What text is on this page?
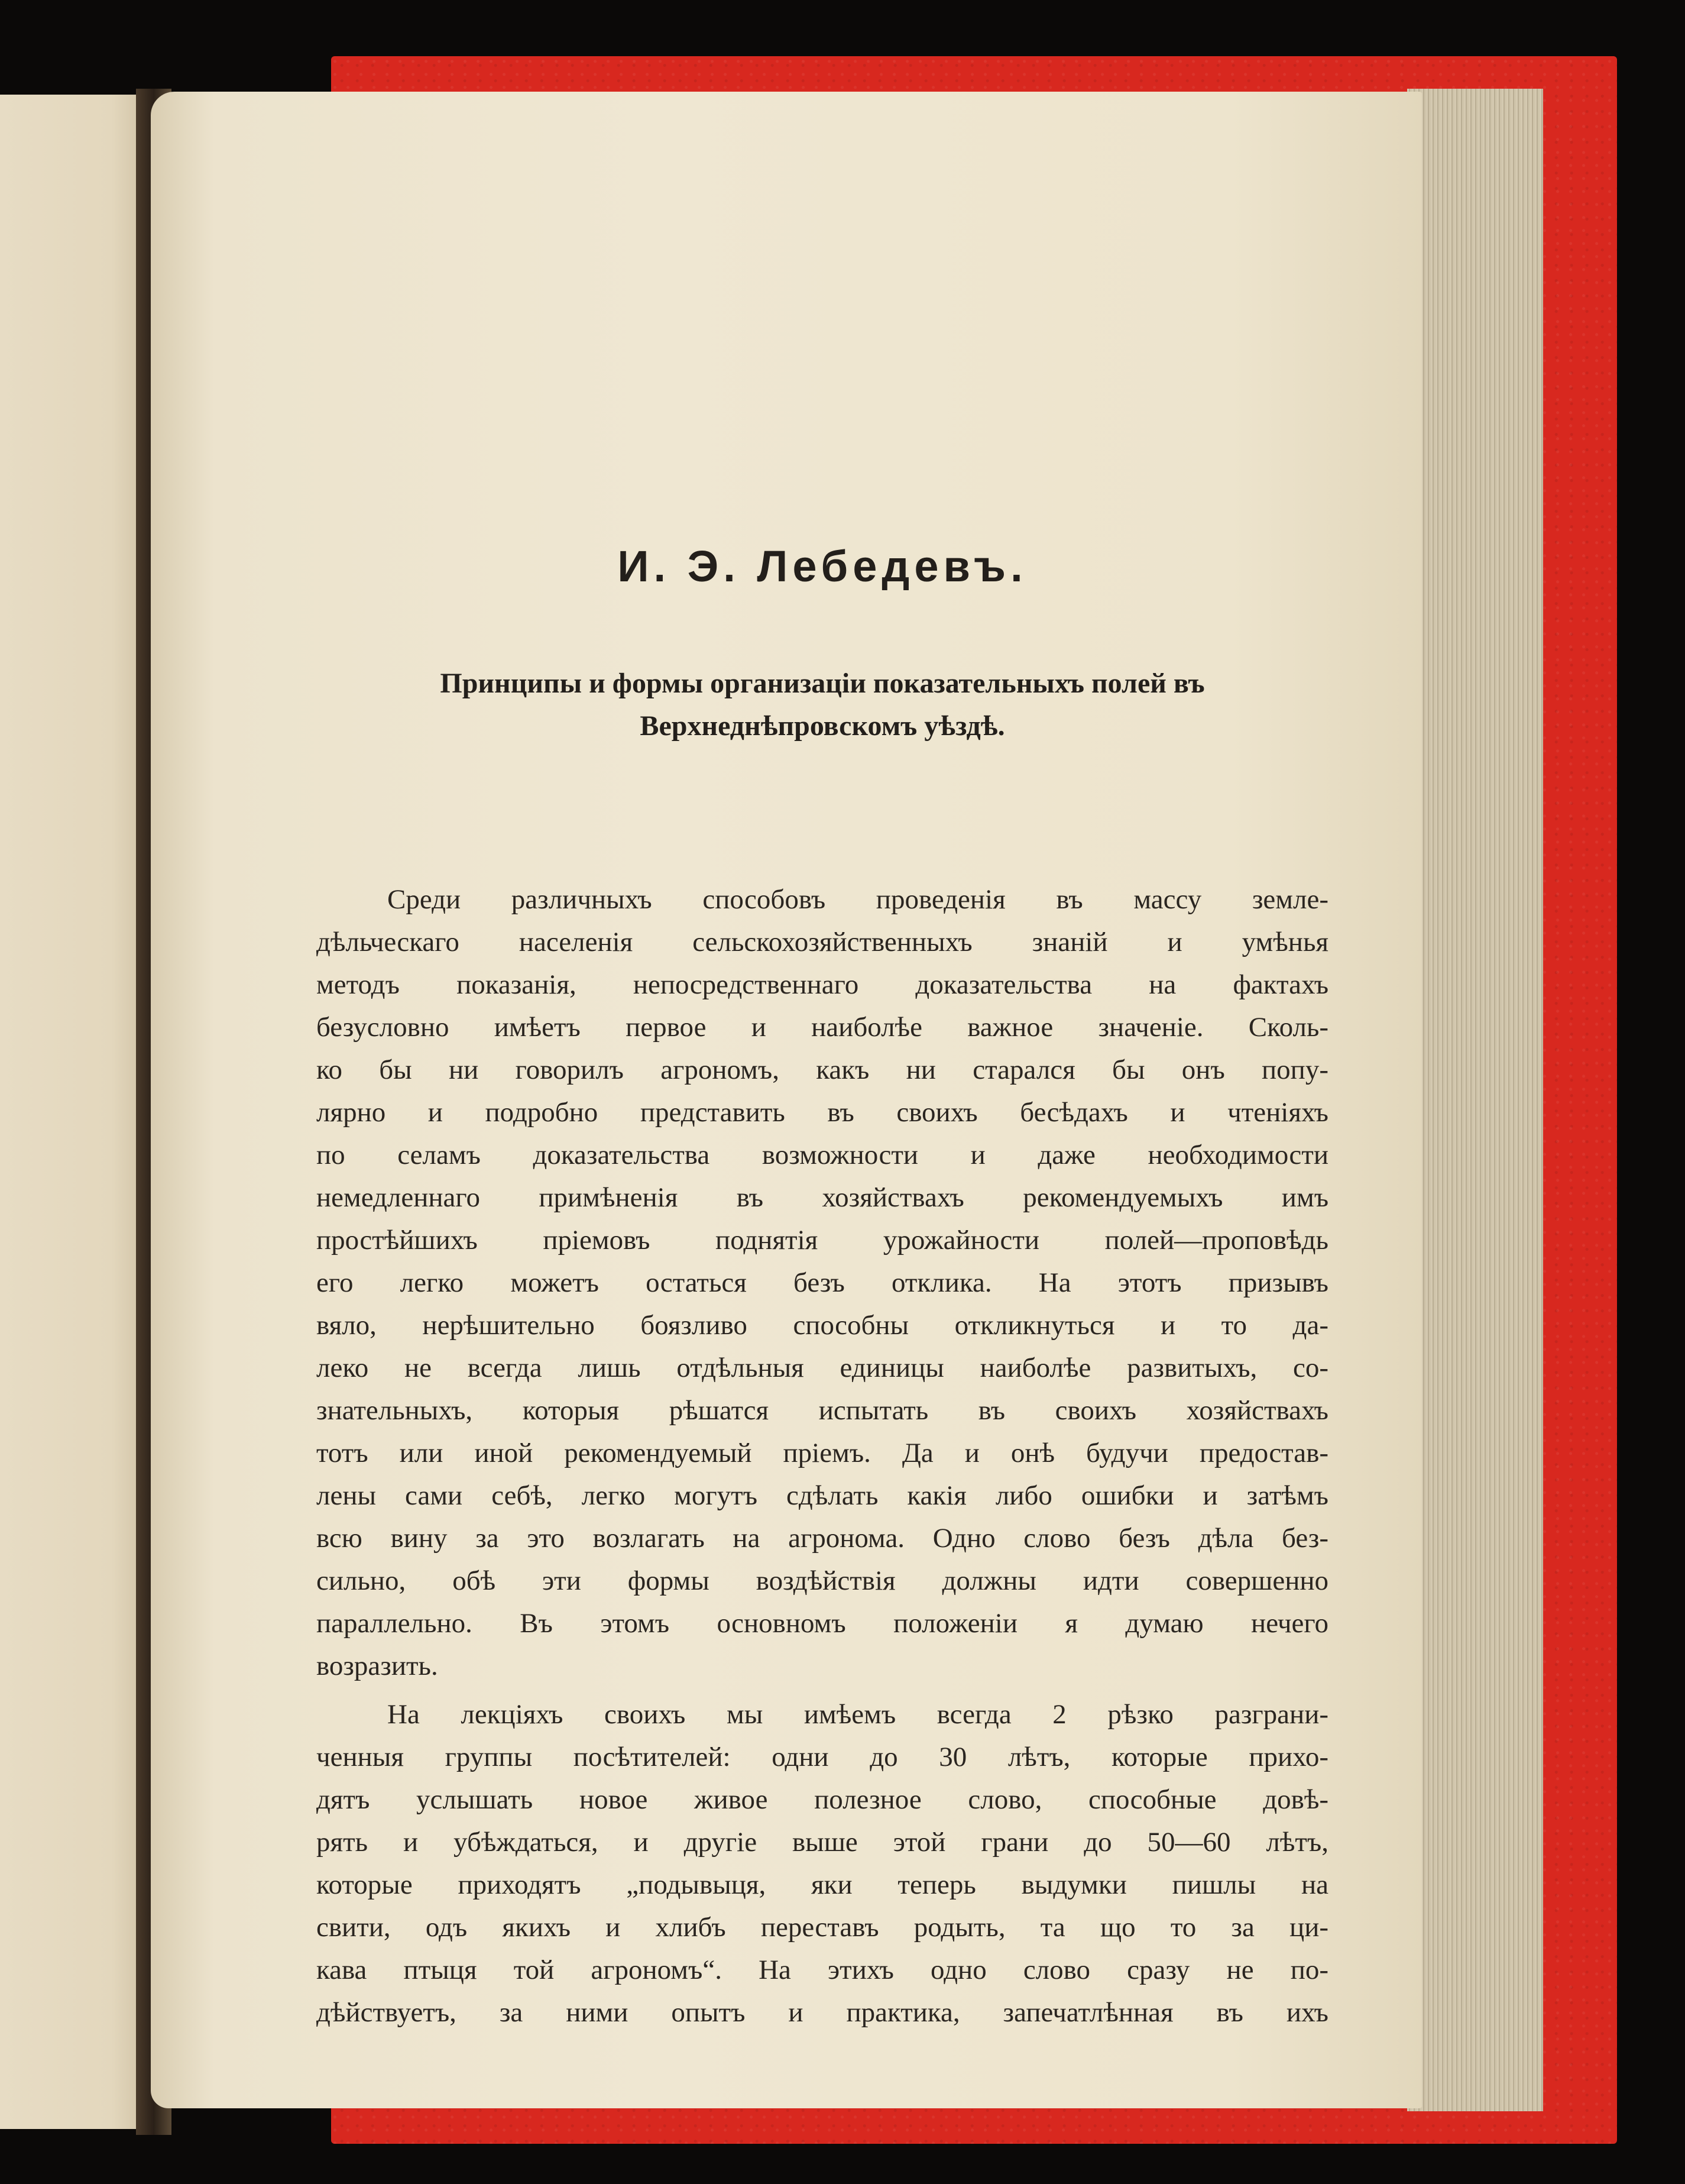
И. Э. Лебедевъ.
Принципы и формы организаціи показательныхъ полей въ
Верхнеднѣпровскомъ уѣздѣ.
Среди различныхъ способовъ проведенія въ массу земле-
дѣльческаго населенія сельскохозяйственныхъ знаній и умѣнья
методъ показанія, непосредственнаго доказательства на фактахъ
безусловно имѣетъ первое и наиболѣе важное значеніе. Сколь-
ко бы ни говорилъ агрономъ, какъ ни старался бы онъ попу-
лярно и подробно представить въ своихъ бесѣдахъ и чтеніяхъ
по селамъ доказательства возможности и даже необходимости
немедленнаго примѣненія въ хозяйствахъ рекомендуемыхъ имъ
простѣйшихъ пріемовъ поднятія урожайности полей—проповѣдь
его легко можетъ остаться безъ отклика. На этотъ призывъ
вяло, нерѣшительно боязливо способны откликнуться и то да-
леко не всегда лишь отдѣльныя единицы наиболѣе развитыхъ, со-
знательныхъ, которыя рѣшатся испытать въ своихъ хозяйствахъ
тотъ или иной рекомендуемый пріемъ. Да и онѣ будучи предостав-
лены сами себѣ, легко могутъ сдѣлать какія либо ошибки и затѣмъ
всю вину за это возлагать на агронома. Одно слово безъ дѣла без-
сильно, обѣ эти формы воздѣйствія должны идти совершенно
параллельно. Въ этомъ основномъ положеніи я думаю нечего
возразить.
На лекціяхъ своихъ мы имѣемъ всегда 2 рѣзко разграни-
ченныя группы посѣтителей: одни до 30 лѣтъ, которые прихо-
дятъ услышать новое живое полезное слово, способные довѣ-
рять и убѣждаться, и другіе выше этой грани до 50—60 лѣтъ,
которые приходятъ „подывыця, яки теперь выдумки пишлы на
свити, одъ якихъ и хлибъ переставъ родыть, та що то за ци-
кава птыця той агрономъ“. На этихъ одно слово сразу не по-
дѣйствуетъ, за ними опытъ и практика, запечатлѣнная въ ихъ
